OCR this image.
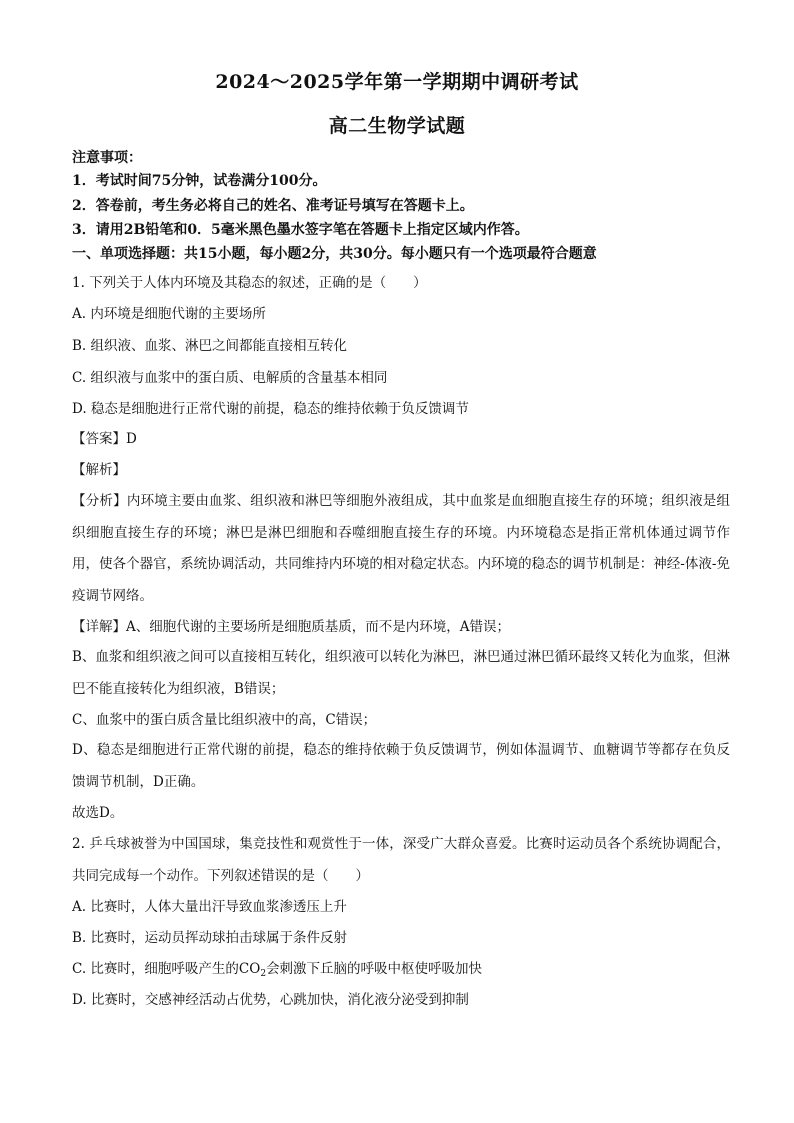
2024～2025学年第一学期期中调研考试
高二生物学试题
注意事项：
1．考试时间75分钟，试卷满分100分。
2．答卷前，考生务必将自己的姓名、准考证号填写在答题卡上。
3．请用2B铅笔和0．5毫米黑色墨水签字笔在答题卡上指定区域内作答。
一、单项选择题：共15小题，每小题2分，共30分。每小题只有一个选项最符合题意
1. 下列关于人体内环境及其稳态的叙述，正确的是（　　）
A. 内环境是细胞代谢的主要场所
B. 组织液、血浆、淋巴之间都能直接相互转化
C. 组织液与血浆中的蛋白质、电解质的含量基本相同
D. 稳态是细胞进行正常代谢的前提，稳态的维持依赖于负反馈调节
【答案】D
【解析】
【分析】内环境主要由血浆、组织液和淋巴等细胞外液组成，其中血浆是血细胞直接生存的环境；组织液是组织细胞直接生存的环境；淋巴是淋巴细胞和吞噬细胞直接生存的环境。内环境稳态是指正常机体通过调节作用，使各个器官，系统协调活动，共同维持内环境的相对稳定状态。内环境的稳态的调节机制是：神经-体液-免疫调节网络。
【详解】A、细胞代谢的主要场所是细胞质基质，而不是内环境，A错误；
B、血浆和组织液之间可以直接相互转化，组织液可以转化为淋巴，淋巴通过淋巴循环最终又转化为血浆，但淋巴不能直接转化为组织液，B错误；
C、血浆中的蛋白质含量比组织液中的高，C错误；
D、稳态是细胞进行正常代谢的前提，稳态的维持依赖于负反馈调节，例如体温调节、血糖调节等都存在负反馈调节机制，D正确。
故选D。
2. 乒乓球被誉为中国国球，集竞技性和观赏性于一体，深受广大群众喜爱。比赛时运动员各个系统协调配合，共同完成每一个动作。下列叙述错误的是（　　）
A. 比赛时，人体大量出汗导致血浆渗透压上升
B. 比赛时，运动员挥动球拍击球属于条件反射
C. 比赛时，细胞呼吸产生的$CO_2$会刺激下丘脑的呼吸中枢使呼吸加快
D. 比赛时，交感神经活动占优势，心跳加快，消化液分泌受到抑制
